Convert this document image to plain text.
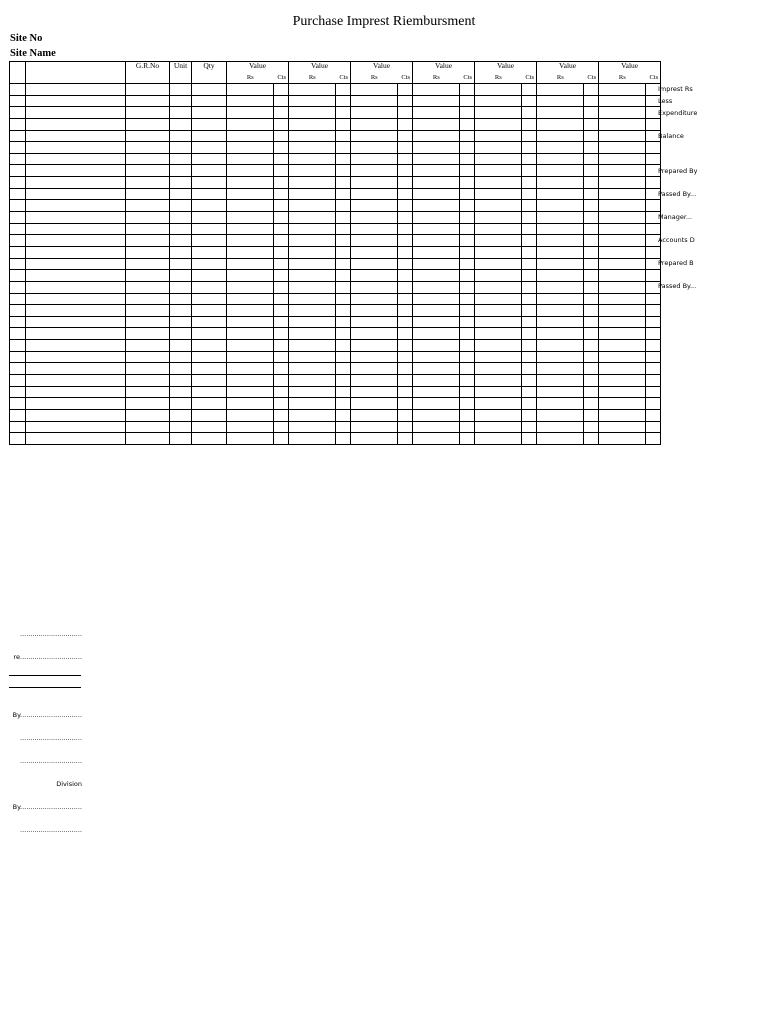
Purchase Imprest Riembursment
Site No
Site Name
		G.R.No	Unit	Qty	Value		Value		Value		Value		Value		Value		Value	
					Rs	Cts	Rs	Cts	Rs	Cts	Rs	Cts	Rs	Cts	Rs	Cts	Rs	Cts

Imprest Rs
Less
Expenditure
Balance
Prepared By
Passed By...
Manager...
Accounts D
Prepared B
Passed By...
..............................
re..............................
By..............................
..............................
..............................
Division
By..............................
..............................
